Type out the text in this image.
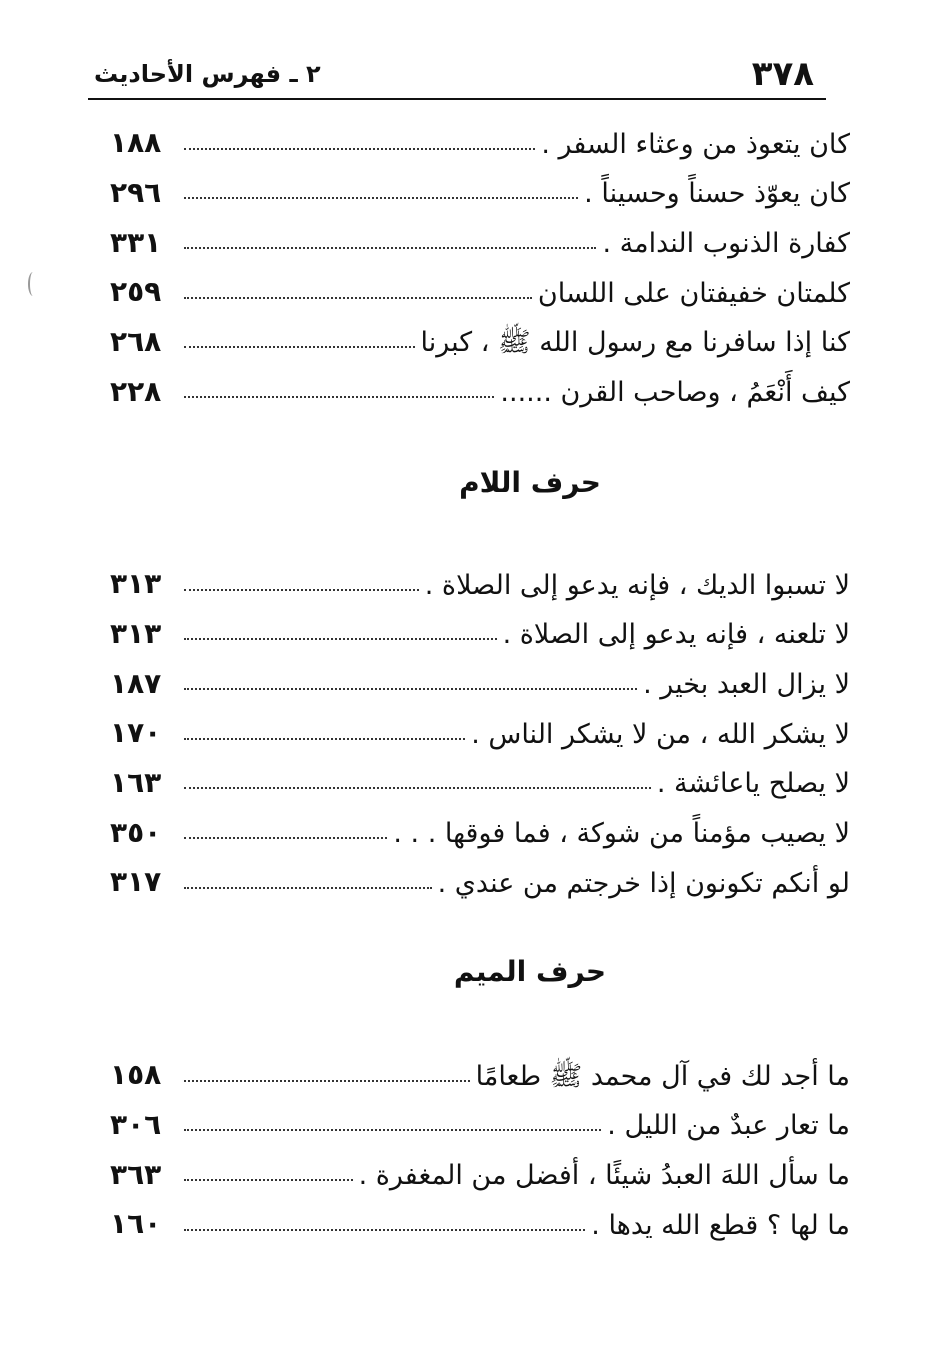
٣٧٨
٢ ـ فهرس الأحاديث
كان يتعوذ من وعثاء السفر .
١٨٨
كان يعوّذ حسناً وحسيناً .
٢٩٦
كفارة الذنوب الندامة .
٣٣١
كلمتان خفيفتان على اللسان
٢٥٩
كنا إذا سافرنا مع رسول الله ﷺ ، كبرنا
٢٦٨
كيف أَنْعَمُ ، وصاحب القرن ......
٢٢٨
حرف اللام
لا تسبوا الديك ، فإنه يدعو إلى الصلاة .
٣١٣
لا تلعنه ، فإنه يدعو إلى الصلاة .
٣١٣
لا يزال العبد بخير .
١٨٧
لا يشكر الله ، من لا يشكر الناس .
١٧٠
لا يصلح ياعائشة .
١٦٣
لا يصيب مؤمناً من شوكة ، فما فوقها . . .
٣٥٠
لو أنكم تكونون إذا خرجتم من عندي .
٣١٧
حرف الميم
ما أجد لك في آل محمد ﷺ طعامًا
١٥٨
ما تعار عبدٌ من الليل .
٣٠٦
ما سأل اللهَ العبدُ شيئًا ، أفضل من المغفرة .
٣٦٣
ما لها ؟ قطع الله يدها .
١٦٠
